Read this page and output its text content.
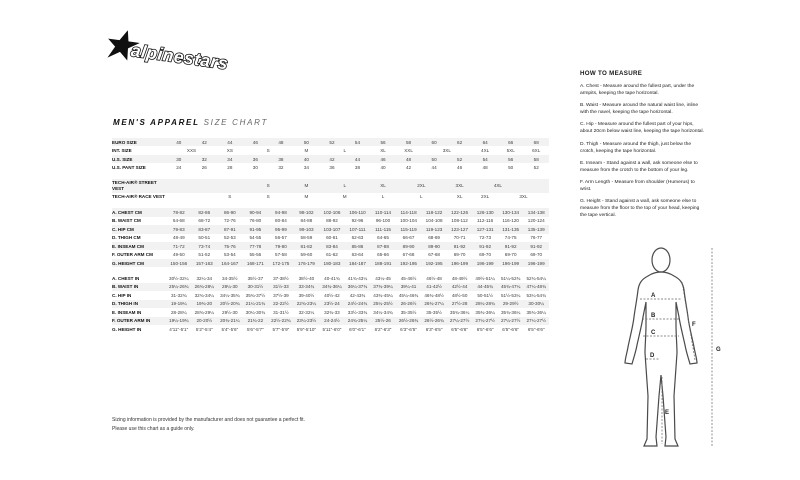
alpinestars
MEN'S APPAREL SIZE CHART
EURO SIZE	40	42	44	46	48	50	52	54	56	58	60	62	64	66	68
INT. SIZE	XXS		XS	S		M	L		XL	XXL	3XL		4XL	5XL	6XL
U.S. SIZE	30	32	34	36	38	40	42	44	46	48	50	52	54	56	58
U.S. PANT SIZE	24	26	28	30	32	34	36	38	40	42	44	46	48	50	52

TECH-AIR® STREET VEST				S		M	L		XL	2XL		3XL	4XL		
TECH-AIR® RACE VEST			S	S		M	M		L	L		XL	2XL	3XL	

A. CHEST CM	78-82	82-86	86-90	90-94	94-98	98-102	102-106	106-110	110-114	114-118	118-122	122-126	126-130	130-134	134-138
B. WAIST CM	64-68	68-72	72-76	76-80	80-84	84-88	88-92	92-96	96-100	100-104	104-108	108-112	112-116	116-120	120-124
C. HIP CM	79-83	83-87	87-91	91-95	95-99	99-103	103-107	107-111	111-115	115-119	119-123	123-127	127-131	131-135	135-139
D. THIGH CM	48-49	50-51	52-53	54-55	56-57	58-59	60-61	62-63	64-65	66-67	68-69	70-71	72-73	74-75	76-77
E. INSEAM CM	71-72	73-74	75-76	77-78	79-80	81-82	83-84	85-86	87-88	89-90	89-90	91-92	91-92	91-92	91-92
F. OUTER ARM CM	49-50	51-52	53-54	55-56	57-58	59-60	61-62	63-64	65-66	67-68	67-68	69-70	69-70	69-70	69-70
G. HEIGHT CM	150-156	157-163	164-167	168-171	172-175	176-179	180-183	184-187	188-191	192-195	192-195	196-199	196-199	196-199	196-199

A. CHEST IN	30½-32¼	32¼-34	34-35½	35½-37	37-38½	38½-40	40-41¾	41¾-43¼	43¼-45	45-46½	46½-48	48-49½	49½-51¼	51¼-52¾	52¾-54¼
B. WAIST IN	25¼-26¾	26¾-28¼	28¼-30	30-31½	31½-33	33-34¾	34¾-36¼	36¼-37¾	37¾-39¼	39¼-41	41-42½	42½-44	44-45¾	45¾-47¼	47¼-48¾
C. HIP IN	31-32¾	32¾-34¼	34¼-35¾	35¾-37½	37½-39	39-40½	40½-42	42-43¾	43¾-45¼	45¼-46¾	46¾-48½	48½-50	50-51½	51½-53¼	53¼-54¾
D. THIGH IN	19-19¼	19¾-20	20½-20¾	21¼-21¾	22-22½	22¾-23¼	23½-24	24½-24¾	25¼-25½	26-26½	26¾-27¼	27½-28	28¼-28¾	29-29½	30-30¼
E. INSEAM IN	28-28¼	28¾-29¼	29½-30	30¼-30¾	31-31½	32-32¼	32¾-33	33½-33¾	34¼-34¾	35-35½	35-35½	35¾-36¼	35¾-36¼	35¾-36¼	35¾-36¼
F. OUTER ARM IN	19¼-19¾	20-20½	20¾-21¼	21¾-22	22½-22¾	23¼-23½	24-24½	24¾-25¼	25½-26	26½-26¾	26½-26¾	27¼-27½	27¼-27½	27¼-27½	27¼-27½
G. HEIGHT IN	4'11"-5'1"	5'2"-5'4"	5'4"-5'6"	5'6"-5'7"	5'7"-5'9"	5'9"-5'10"	5'11"-6'0"	6'0"-6'1"	6'2"-6'3"	6'3"-6'5"	6'3"-6'5"	6'5"-6'6"	6'5"-6'6"	6'5"-6'6"	6'5"-6'6"
HOW TO MEASURE

A. Chest - Measure around the fullest part, under the armpits, keeping the tape horizontal.

B. Waist - Measure around the natural waist line, inline with the navel, keeping the tape horizontal.

C. Hip - Measure around the fullest part of your hips, about 20cm below waist line, keeping the tape horizontal.

D. Thigh - Measure around the thigh, just below the crotch, keeping the tape horizontal.

E. Inseam - Stand against a wall, ask someone else to measure from the crotch to the bottom of your leg.

F. Arm Length - Measure from shoulder (Humerus) to wrist.

G. Height - Stand against a wall, ask someone else to measure from the floor to the top of your head, keeping the tape vertical.

A
B
C
D
E
F
G

Sizing information is provided by the manufacturer and does not guarantee a perfect fit.

Please use this chart as a guide only.
